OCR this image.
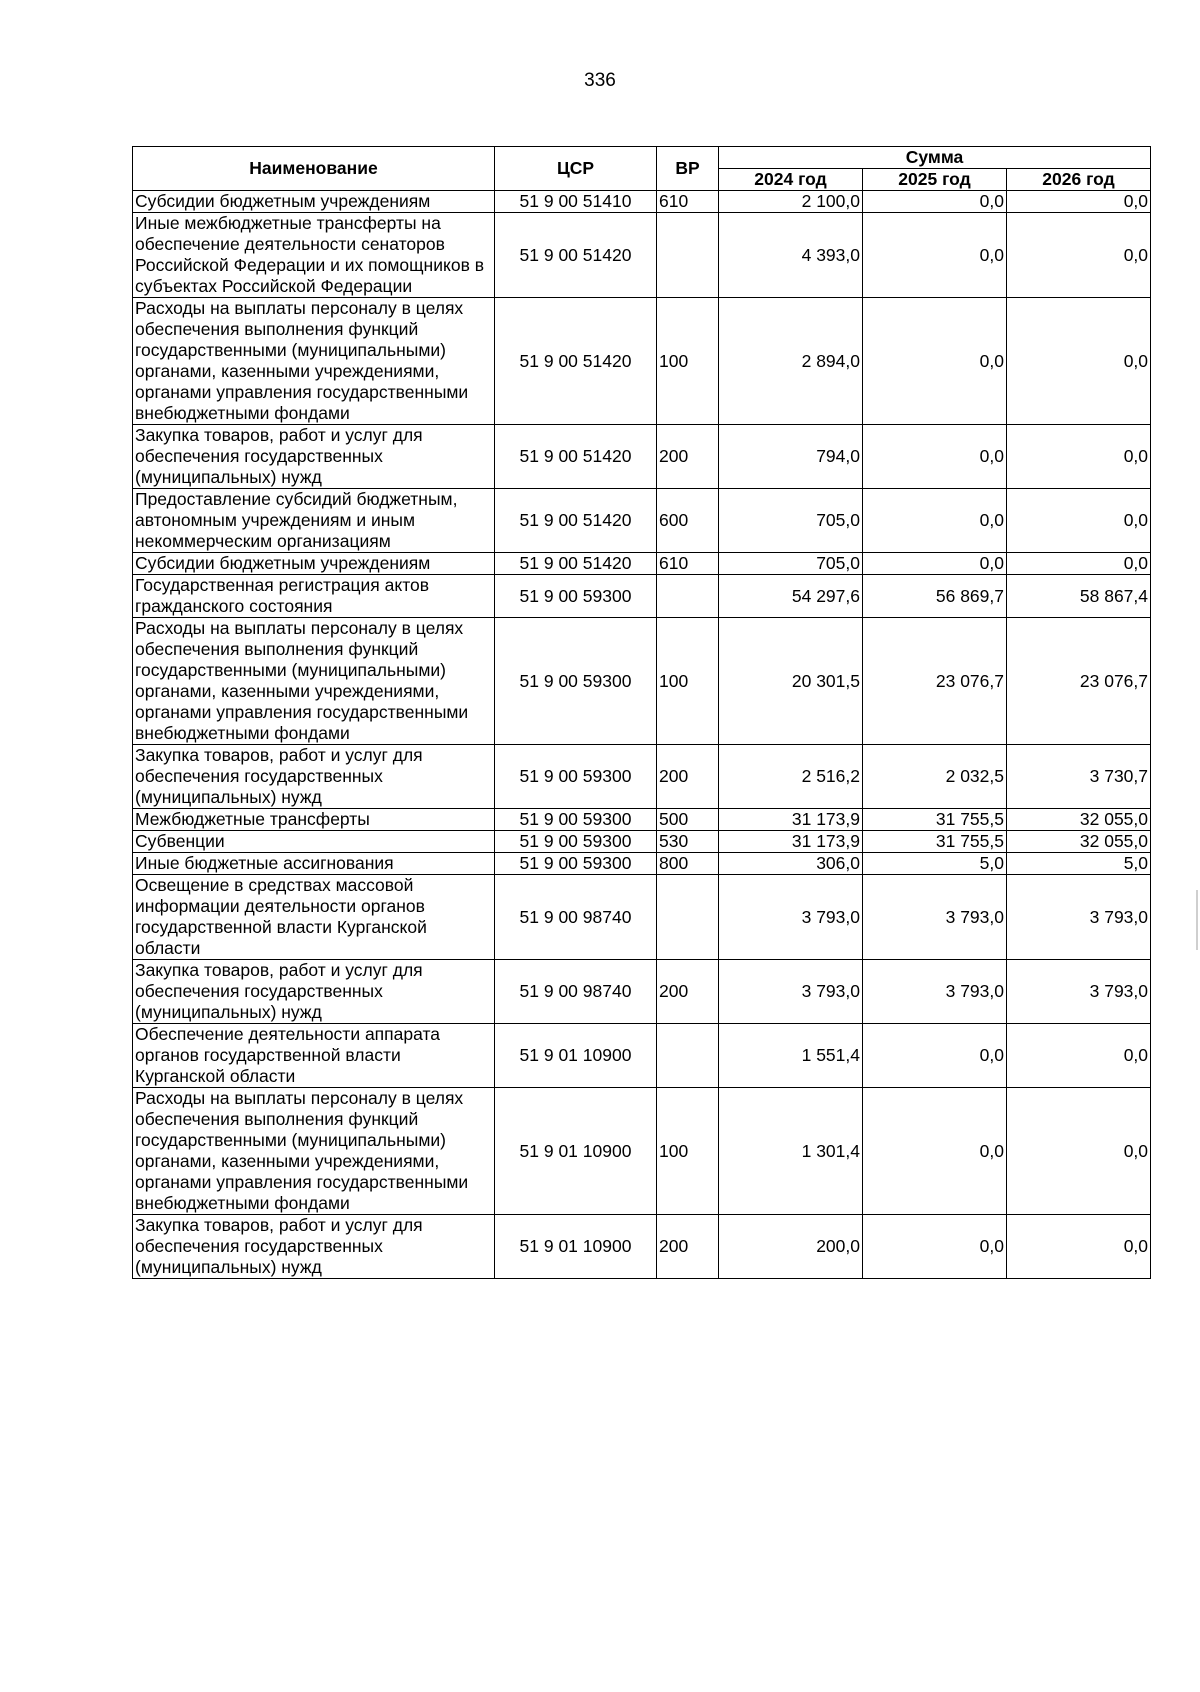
336
Наименование	ЦСР	ВР	Сумма		
			2024 год	2025 год	2026 год
Субсидии бюджетным учреждениям	51 9 00 51410	610	2 100,0	0,0	0,0
Иные межбюджетные трансферты на обеспечение деятельности сенаторов Российской Федерации и их помощников в субъектах Российской Федерации	51 9 00 51420		4 393,0	0,0	0,0
Расходы на выплаты персоналу в целях обеспечения выполнения функций государственными (муниципальными) органами, казенными учреждениями, органами управления государственными внебюджетными фондами	51 9 00 51420	100	2 894,0	0,0	0,0
Закупка товаров, работ и услуг для обеспечения государственных (муниципальных) нужд	51 9 00 51420	200	794,0	0,0	0,0
Предоставление субсидий бюджетным, автономным учреждениям и иным некоммерческим организациям	51 9 00 51420	600	705,0	0,0	0,0
Субсидии бюджетным учреждениям	51 9 00 51420	610	705,0	0,0	0,0
Государственная регистрация актов гражданского состояния	51 9 00 59300		54 297,6	56 869,7	58 867,4
Расходы на выплаты персоналу в целях обеспечения выполнения функций государственными (муниципальными) органами, казенными учреждениями, органами управления государственными внебюджетными фондами	51 9 00 59300	100	20 301,5	23 076,7	23 076,7
Закупка товаров, работ и услуг для обеспечения государственных (муниципальных) нужд	51 9 00 59300	200	2 516,2	2 032,5	3 730,7
Межбюджетные трансферты	51 9 00 59300	500	31 173,9	31 755,5	32 055,0
Субвенции	51 9 00 59300	530	31 173,9	31 755,5	32 055,0
Иные бюджетные ассигнования	51 9 00 59300	800	306,0	5,0	5,0
Освещение в средствах массовой информации деятельности органов государственной власти Курганской области	51 9 00 98740		3 793,0	3 793,0	3 793,0
Закупка товаров, работ и услуг для обеспечения государственных (муниципальных) нужд	51 9 00 98740	200	3 793,0	3 793,0	3 793,0
Обеспечение деятельности аппарата органов государственной власти Курганской области	51 9 01 10900		1 551,4	0,0	0,0
Расходы на выплаты персоналу в целях обеспечения выполнения функций государственными (муниципальными) органами, казенными учреждениями, органами управления государственными внебюджетными фондами	51 9 01 10900	100	1 301,4	0,0	0,0
Закупка товаров, работ и услуг для обеспечения государственных (муниципальных) нужд	51 9 01 10900	200	200,0	0,0	0,0
